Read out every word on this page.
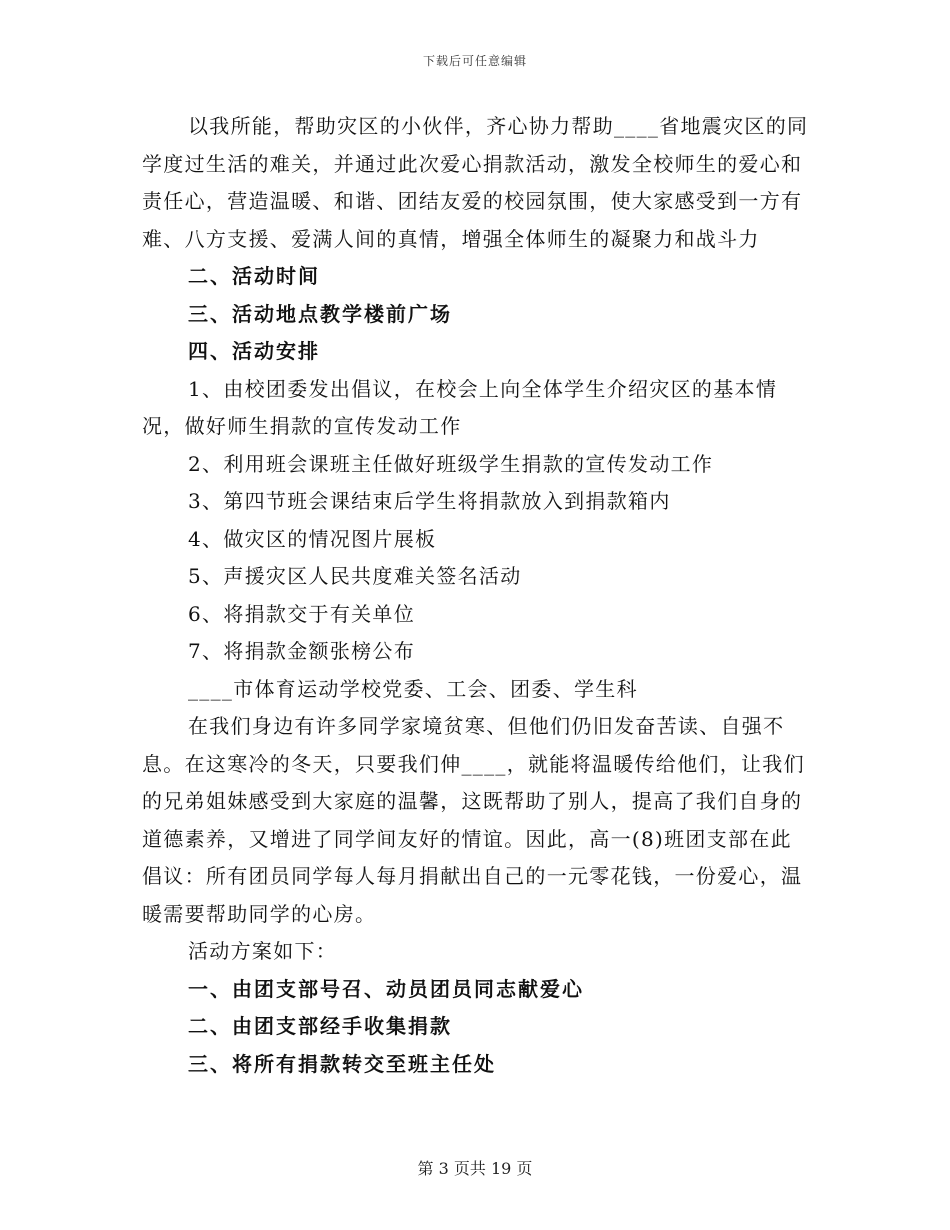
下载后可任意编辑

以我所能，帮助灾区的小伙伴，齐心协力帮助____省地震灾区的同学度过生活的难关，并通过此次爱心捐款活动，激发全校师生的爱心和责任心，营造温暖、和谐、团结友爱的校园氛围，使大家感受到一方有难、八方支援、爱满人间的真情，增强全体师生的凝聚力和战斗力

二、活动时间

三、活动地点教学楼前广场

四、活动安排

1、由校团委发出倡议，在校会上向全体学生介绍灾区的基本情况，做好师生捐款的宣传发动工作

2、利用班会课班主任做好班级学生捐款的宣传发动工作

3、第四节班会课结束后学生将捐款放入到捐款箱内

4、做灾区的情况图片展板

5、声援灾区人民共度难关签名活动

6、将捐款交于有关单位

7、将捐款金额张榜公布

____市体育运动学校党委、工会、团委、学生科

在我们身边有许多同学家境贫寒、但他们仍旧发奋苦读、自强不息。在这寒冷的冬天，只要我们伸____，就能将温暖传给他们，让我们的兄弟姐妹感受到大家庭的温馨，这既帮助了别人，提高了我们自身的道德素养，又增进了同学间友好的情谊。因此，高一(8)班团支部在此倡议：所有团员同学每人每月捐献出自己的一元零花钱，一份爱心，温暖需要帮助同学的心房。

活动方案如下：

一、由团支部号召、动员团员同志献爱心

二、由团支部经手收集捐款

三、将所有捐款转交至班主任处

第 3 页共 19 页
